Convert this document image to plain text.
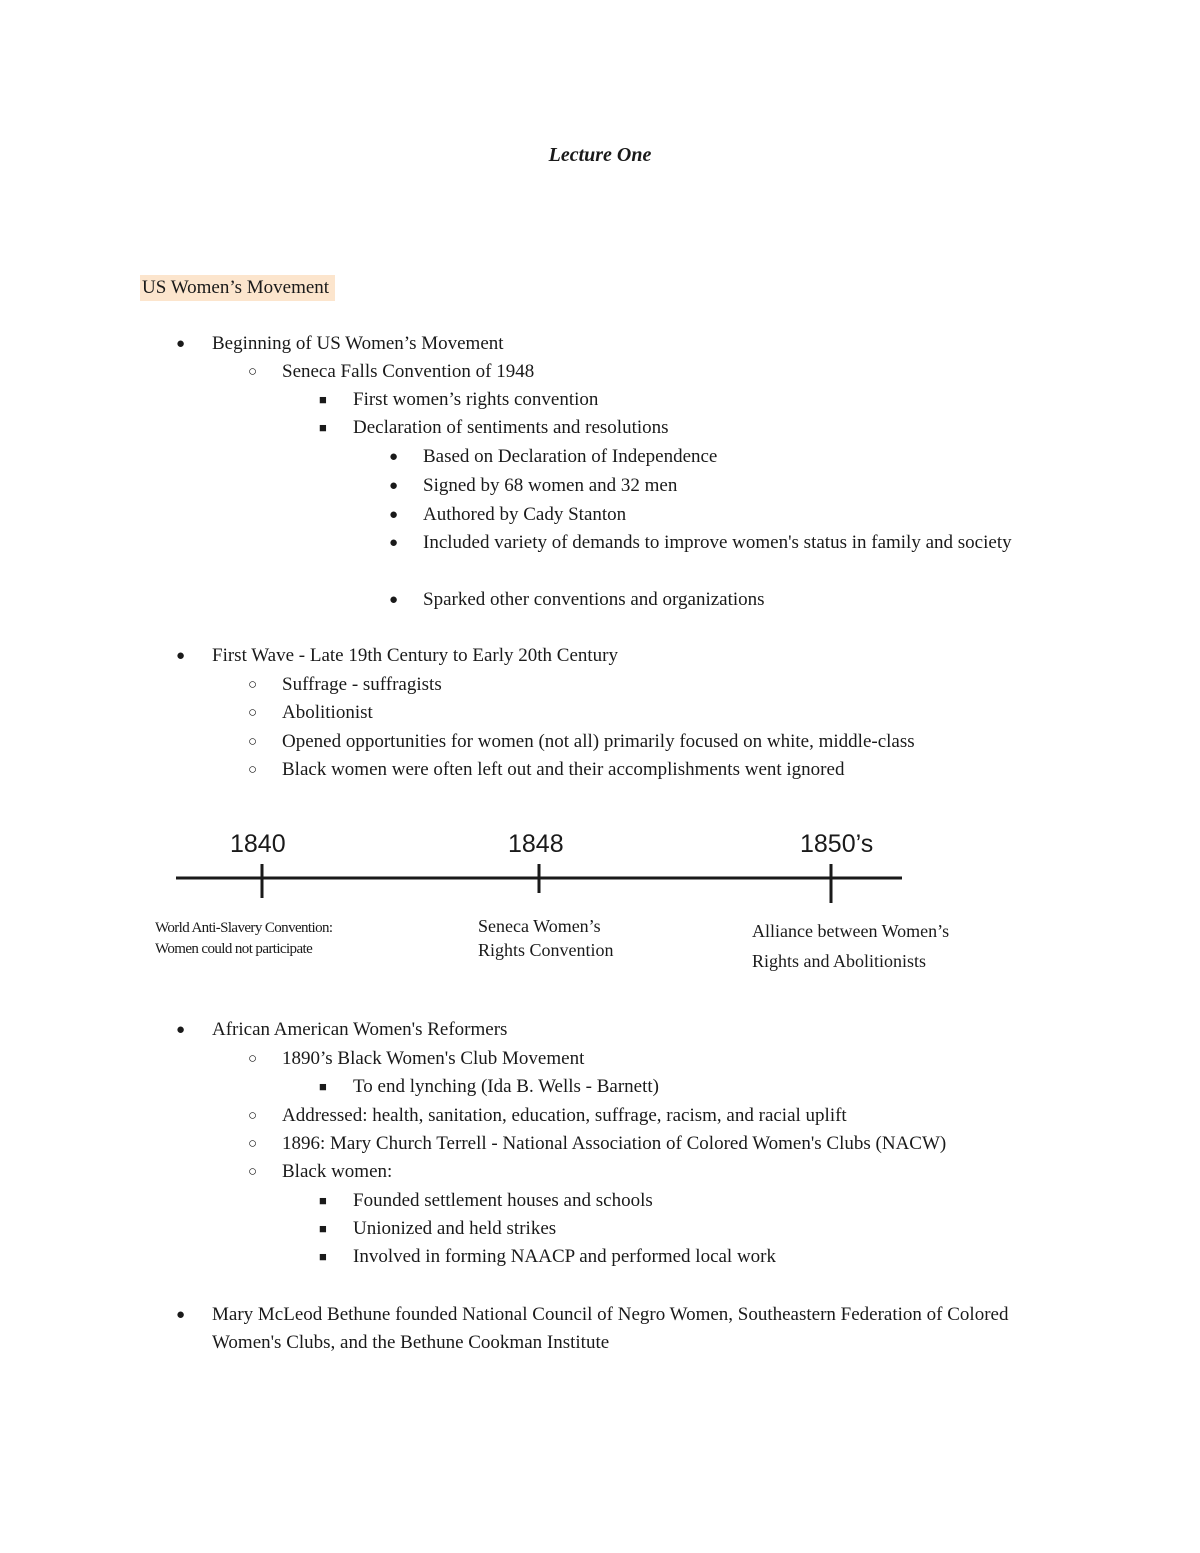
Lecture One
US Women’s Movement
● Beginning of US Women’s Movement
○ Seneca Falls Convention of 1948
■ First women’s rights convention
■ Declaration of sentiments and resolutions
● Based on Declaration of Independence
● Signed by 68 women and 32 men
● Authored by Cady Stanton
● Included variety of demands to improve women's status in family and society
● Sparked other conventions and organizations
● First Wave - Late 19th Century to Early 20th Century
○ Suffrage - suffragists
○ Abolitionist
○ Opened opportunities for women (not all) primarily focused on white, middle-class
○ Black women were often left out and their accomplishments went ignored
1840	1848	1850’s
World Anti-Slavery Convention:
Women could not participate
Seneca Women’s
Rights Convention
Alliance between Women’s
Rights and Abolitionists
● African American Women's Reformers
○ 1890’s Black Women's Club Movement
■ To end lynching (Ida B. Wells - Barnett)
○ Addressed: health, sanitation, education, suffrage, racism, and racial uplift
○ 1896: Mary Church Terrell - National Association of Colored Women's Clubs (NACW)
○ Black women:
■ Founded settlement houses and schools
■ Unionized and held strikes
■ Involved in forming NAACP and performed local work
● Mary McLeod Bethune founded National Council of Negro Women, Southeastern Federation of Colored Women's Clubs, and the Bethune Cookman Institute
